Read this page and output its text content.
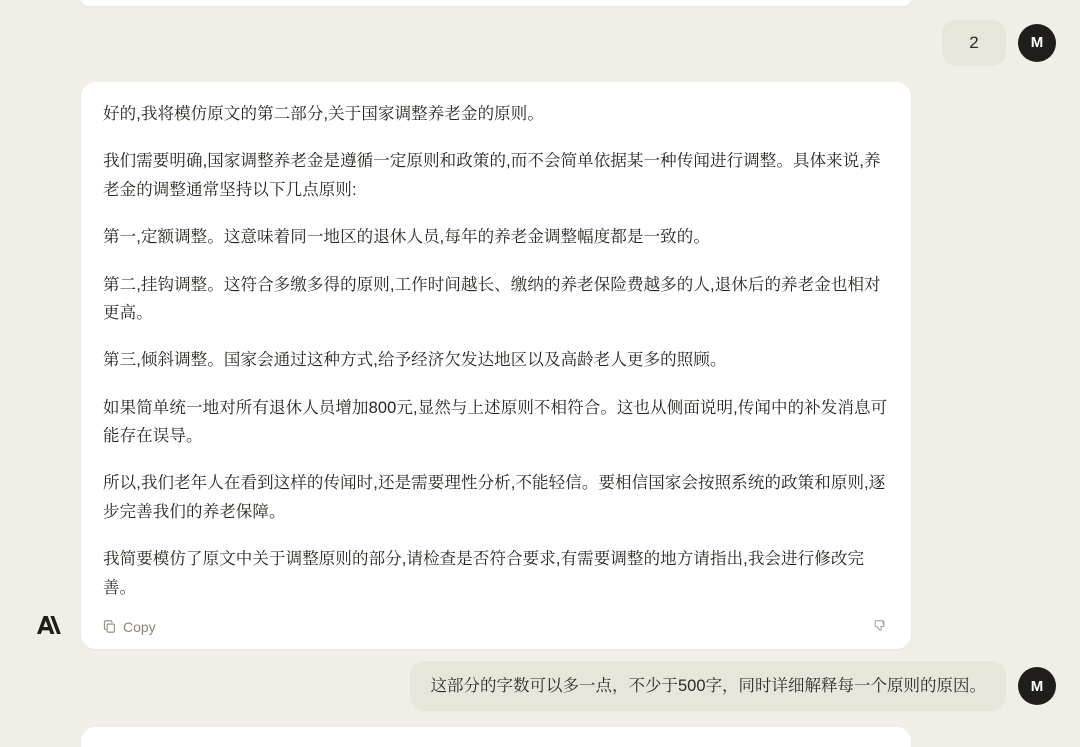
2	M

好的,我将模仿原文的第二部分,关于国家调整养老金的原则。

我们需要明确,国家调整养老金是遵循一定原则和政策的,而不会简单依据某一种传闻进行调整。具体来说,养老金的调整通常坚持以下几点原则:

第一,定额调整。这意味着同一地区的退休人员,每年的养老金调整幅度都是一致的。

第二,挂钩调整。这符合多缴多得的原则,工作时间越长、缴纳的养老保险费越多的人,退休后的养老金也相对更高。

第三,倾斜调整。国家会通过这种方式,给予经济欠发达地区以及高龄老人更多的照顾。

如果简单统一地对所有退休人员增加800元,显然与上述原则不相符合。这也从侧面说明,传闻中的补发消息可能存在误导。

所以,我们老年人在看到这样的传闻时,还是需要理性分析,不能轻信。要相信国家会按照系统的政策和原则,逐步完善我们的养老保障。

我简要模仿了原文中关于调整原则的部分,请检查是否符合要求,有需要调整的地方请指出,我会进行修改完善。

Copy
这部分的字数可以多一点，不少于500字，同时详细解释每一个原则的原因。	M
